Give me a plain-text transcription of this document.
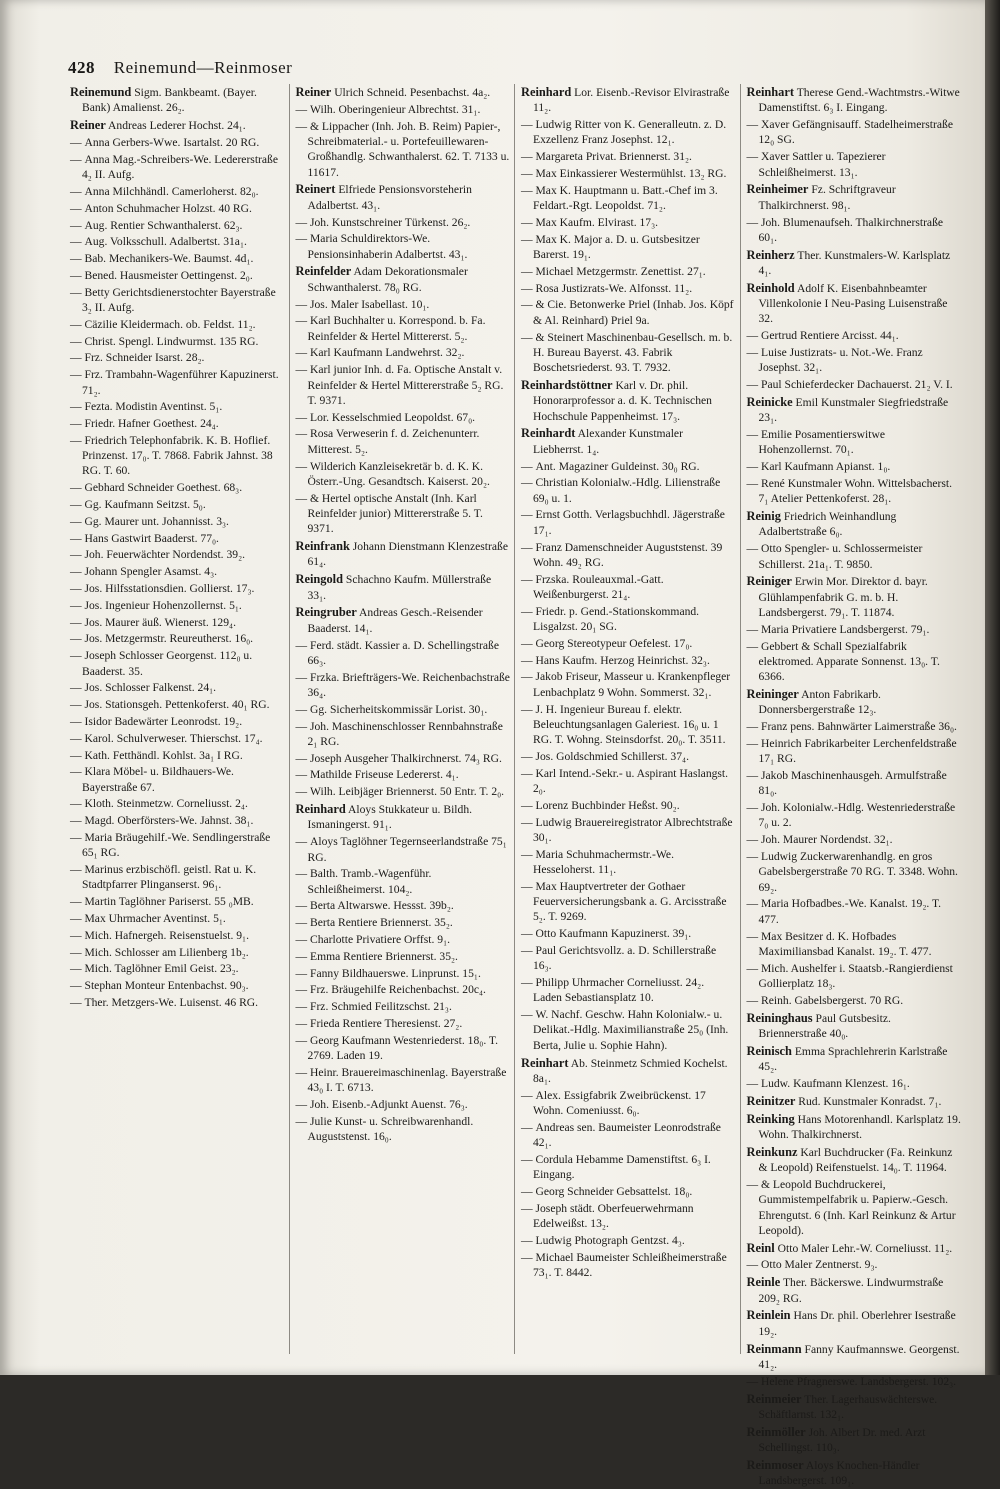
428 Reinemund—Reinmoser
Reinemund Sigm. Bankbeamt. (Bayer. Bank) Amalienst. 26₂.
Reiner Andreas Lederer Hochst. 24₁.
— Anna Gerbers-Wwe. Isartalst. 20 RG.
— Anna Mag.-Schreibers-We. Ledererstraße 4₂ II. Aufg.
— Anna Milchhändl. Camerloherst. 82₀.
— Anton Schuhmacher Holzst. 40 RG.
— Aug. Rentier Schwanthalerst. 62₃.
— Aug. Volksschull. Adalbertst. 31a₁.
— Bab. Mechanikers-We. Baumst. 4d₁.
— Bened. Hausmeister Oettingenst. 2₀.
— Betty Gerichtsdienerstochter Bayerstraße 3₂ II. Aufg.
— Cäzilie Kleidermach. ob. Feldst. 11₂.
— Christ. Spengl. Lindwurmst. 135 RG.
— Frz. Schneider Isarst. 28₂.
— Frz. Trambahn-Wagenführer Kapuzinerst. 71₂.
— Fezta. Modistin Aventinst. 5₁.
— Friedr. Hafner Goethest. 24₄.
— Friedrich Telephonfabrik. K. B. Hoflief. Prinzenst. 17₀. T. 7868. Fabrik Jahnst. 38 RG. T. 60.
— Gebhard Schneider Goethest. 68₃.
— Gg. Kaufmann Seitzst. 5₀.
— Gg. Maurer unt. Johannisst. 3₃.
— Hans Gastwirt Baaderst. 77₀.
— Joh. Feuerwächter Nordendst. 39₂.
— Johann Spengler Asamst. 4₃.
— Jos. Hilfsstationsdien. Gollierst. 17₃.
— Jos. Ingenieur Hohenzollernst. 5₁.
— Jos. Maurer äuß. Wienerst. 129₄.
— Jos. Metzgermstr. Reureutherst. 16₀.
— Joseph Schlosser Georgenst. 112₀ u. Baaderst. 35.
— Jos. Schlosser Falkenst. 24₁.
— Jos. Stationsgeh. Pettenkoferst. 40₁ RG.
— Isidor Badewärter Leonrodst. 19₂.
— Karol. Schulverweser. Thierschst. 17₄.
— Kath. Fetthändl. Kohlst. 3a₁ I RG.
— Klara Möbel- u. Bildhauers-We. Bayerstraße 67.
— Kloth. Steinmetzw. Corneliusst. 2₄.
— Magd. Oberförsters-We. Jahnst. 38₁.
— Maria Bräugehilf.-We. Sendlingerstraße 65₁ RG.
— Marinus erzbischöfl. geistl. Rat u. K. Stadtpfarrer Plinganserst. 96₁.
— Martin Taglöhner Pariserst. 55 ₀MB.
— Max Uhrmacher Aventinst. 5₁.
— Mich. Hafnergeh. Reisenstuelst. 9₁.
— Mich. Schlosser am Lilienberg 1b₂.
— Mich. Taglöhner Emil Geist. 23₂.
— Stephan Monteur Entenbachst. 90₃.
— Ther. Metzgers-We. Luisenst. 46 RG.
Reiner Ulrich Schneid. Pesenbachst. 4a₂.
— Wilh. Oberingenieur Albrechtst. 31₁.
— & Lippacher (Inh. Joh. B. Reim) Papier-, Schreibmaterial.- u. Portefeuillewaren-Großhandlg. Schwanthalerst. 62. T. 7133 u. 11617.
Reinert Elfriede Pensionsvorsteherin Adalbertst. 43₁.
— Joh. Kunstschreiner Türkenst. 26₂.
— Maria Schuldirektors-We. Pensionsinhaberin Adalbertst. 43₁.
Reinfelder Adam Dekorationsmaler Schwanthalerst. 78₀ RG.
— Jos. Maler Isabellast. 10₁.
— Karl Buchhalter u. Korrespond. b. Fa. Reinfelder & Hertel Mittererst. 5₂.
— Karl Kaufmann Landwehrst. 32₂.
— Karl junior Inh. d. Fa. Optische Anstalt v. Reinfelder & Hertel Mittererstraße 5₂ RG. T. 9371.
— Lor. Kesselschmied Leopoldst. 67₀.
— Rosa Verweserin f. d. Zeichenunterr. Mitterest. 5₂.
— Wilderich Kanzleisekretär b. d. K. K. Österr.-Ung. Gesandtsch. Kaiserst. 20₂.
— & Hertel optische Anstalt (Inh. Karl Reinfelder junior) Mittererstraße 5. T. 9371.
Reinfrank Johann Dienstmann Klenzestraße 61₄.
Reingold Schachno Kaufm. Müllerstraße 33₁.
Reingruber Andreas Gesch.-Reisender Baaderst. 14₁.
— Ferd. städt. Kassier a. D. Schellingstraße 66₃.
— Frzka. Briefträgers-We. Reichenbachstraße 36₄.
— Gg. Sicherheitskommissär Lorist. 30₁.
— Joh. Maschinenschlosser Rennbahnstraße 2₁ RG.
— Joseph Ausgeher Thalkirchnerst. 74₃ RG.
— Mathilde Friseuse Ledererst. 4₁.
— Wilh. Leibjäger Briennerst. 50 Entr. T. 2₀.
Reinhard Aloys Stukkateur u. Bildh. Ismaningerst. 91₁.
— Aloys Taglöhner Tegernseerlandstraße 75₁ RG.
— Balth. Tramb.-Wagenführ. Schleißheimerst. 104₂.
— Berta Altwarswe. Hessst. 39b₂.
— Berta Rentiere Briennerst. 35₂.
— Charlotte Privatiere Orffst. 9₁.
— Emma Rentiere Briennerst. 35₂.
— Fanny Bildhauerswe. Linprunst. 15₁.
— Frz. Bräugehilfe Reichenbachst. 20c₄.
— Frz. Schmied Feilitzschst. 21₃.
— Frieda Rentiere Theresienst. 27₂.
— Georg Kaufmann Westenriederst. 18₀. T. 2769. Laden 19.
— Heinr. Brauereimaschinenlag. Bayerstraße 43₀ I. T. 6713.
— Joh. Eisenb.-Adjunkt Auenst. 76₃.
— Julie Kunst- u. Schreibwarenhandl. Auguststenst. 16₀.
Reinhard Lor. Eisenb.-Revisor Elvirastraße 11₂.
— Ludwig Ritter von K. Generalleutn. z. D. Exzellenz Franz Josephst. 12₁.
— Margareta Privat. Briennerst. 31₂.
— Max Einkassierer Westermühlst. 13₂ RG.
— Max K. Hauptmann u. Batt.-Chef im 3. Feldart.-Rgt. Leopoldst. 71₂.
— Max Kaufm. Elvirast. 17₃.
— Max K. Major a. D. u. Gutsbesitzer Barerst. 19₁.
— Michael Metzgermstr. Zenettist. 27₁.
— Rosa Justizrats-We. Alfonsst. 11₂.
— & Cie. Betonwerke Priel (Inhab. Jos. Köpf & Al. Reinhard) Priel 9a.
— & Steinert Maschinenbau-Gesellsch. m. b. H. Bureau Bayerst. 43. Fabrik Boschetsriederst. 93. T. 7932.
Reinhardstöttner Karl v. Dr. phil. Honorarprofessor a. d. K. Technischen Hochschule Pappenheimst. 17₃.
Reinhardt Alexander Kunstmaler Liebherrst. 1₄.
— Ant. Magaziner Guldeinst. 30₀ RG.
— Christian Kolonialw.-Hdlg. Lilienstraße 69₀ u. 1.
— Ernst Gotth. Verlagsbuchhdl. Jägerstraße 17₁.
— Franz Damenschneider Auguststenst. 39 Wohn. 49₂ RG.
— Frzska. Rouleauxmal.-Gatt. Weißenburgerst. 21₄.
— Friedr. p. Gend.-Stationskommand. Lisgalzst. 20₁ SG.
— Georg Stereotypeur Oefelest. 17₀.
— Hans Kaufm. Herzog Heinrichst. 32₃.
— Jakob Friseur, Masseur u. Krankenpfleger Lenbachplatz 9 Wohn. Sommerst. 32₁.
— J. H. Ingenieur Bureau f. elektr. Beleuchtungsanlagen Galeriest. 16₀ u. 1 RG. T. Wohng. Steinsdorfst. 20₀. T. 3511.
— Jos. Goldschmied Schillerst. 37₄.
— Karl Intend.-Sekr.- u. Aspirant Haslangst. 2₀.
— Lorenz Buchbinder Heßst. 90₂.
— Ludwig Brauereiregistrator Albrechtstraße 30₁.
— Maria Schuhmachermstr.-We. Hesseloherst. 11₁.
— Max Hauptvertreter der Gothaer Feuerversicherungsbank a. G. Arcisstraße 5₂. T. 9269.
— Otto Kaufmann Kapuzinerst. 39₁.
— Paul Gerichtsvollz. a. D. Schillerstraße 16₃.
— Philipp Uhrmacher Corneliusst. 24₂. Laden Sebastiansplatz 10.
— W. Nachf. Geschw. Hahn Kolonialw.- u. Delikat.-Hdlg. Maximilianstraße 25₀ (Inh. Berta, Julie u. Sophie Hahn).
Reinhart Ab. Steinmetz Schmied Kochelst. 8a₁.
— Alex. Essigfabrik Zweibrückenst. 17 Wohn. Comeniusst. 6₀.
— Andreas sen. Baumeister Leonrodstraße 42₁.
— Cordula Hebamme Damenstiftst. 6₃ I. Eingang.
— Georg Schneider Gebsattelst. 18₀.
— Joseph städt. Oberfeuerwehrmann Edelweißst. 13₂.
— Ludwig Photograph Gentzst. 4₃.
— Michael Baumeister Schleißheimerstraße 73₁. T. 8442.
Reinhart Therese Gend.-Wachtmstrs.-Witwe Damenstiftst. 6₃ I. Eingang.
— Xaver Gefängnisauff. Stadelheimerstraße 12₀ SG.
— Xaver Sattler u. Tapezierer Schleißheimerst. 13₁.
Reinheimer Fz. Schriftgraveur Thalkirchnerst. 98₁.
— Joh. Blumenaufseh. Thalkirchnerstraße 60₁.
Reinherz Ther. Kunstmalers-W. Karlsplatz 4₁.
Reinhold Adolf K. Eisenbahnbeamter Villenkolonie I Neu-Pasing Luisenstraße 32.
— Gertrud Rentiere Arcisst. 44₁.
— Luise Justizrats- u. Not.-We. Franz Josephst. 32₁.
— Paul Schieferdecker Dachauerst. 21₂ V. I.
Reinicke Emil Kunstmaler Siegfriedstraße 23₁.
— Emilie Posamentierswitwe Hohenzollernst. 70₁.
— Karl Kaufmann Apianst. 1₀.
— René Kunstmaler Wohn. Wittelsbacherst. 7₁ Atelier Pettenkoferst. 28₁.
Reinig Friedrich Weinhandlung Adalbertstraße 6₀.
— Otto Spengler- u. Schlossermeister Schillerst. 21a₁. T. 9850.
Reiniger Erwin Mor. Direktor d. bayr. Glühlampenfabrik G. m. b. H. Landsbergerst. 79₁. T. 11874.
— Maria Privatiere Landsbergerst. 79₁.
— Gebbert & Schall Spezialfabrik elektromed. Apparate Sonnenst. 13₀. T. 6366.
Reininger Anton Fabrikarb. Donnersbergerstraße 12₃.
— Franz pens. Bahnwärter Laimerstraße 36₀.
— Heinrich Fabrikarbeiter Lerchenfeldstraße 17₁ RG.
— Jakob Maschinenhausgeh. Armulfstraße 81₀.
— Joh. Kolonialw.-Hdlg. Westenriederstraße 7₀ u. 2.
— Joh. Maurer Nordendst. 32₁.
— Ludwig Zuckerwarenhandlg. en gros Gabelsbergerstraße 70 RG. T. 3348. Wohn. 69₂.
— Maria Hofbadbes.-We. Kanalst. 19₂. T. 477.
— Max Besitzer d. K. Hofbades Maximiliansbad Kanalst. 19₂. T. 477.
— Mich. Aushelfer i. Staatsb.-Rangierdienst Gollierplatz 18₃.
— Reinh. Gabelsbergerst. 70 RG.
Reininghaus Paul Gutsbesitz. Briennerstraße 40₀.
Reinisch Emma Sprachlehrerin Karlstraße 45₂.
— Ludw. Kaufmann Klenzest. 16₁.
Reinitzer Rud. Kunstmaler Konradst. 7₁.
Reinking Hans Motorenhandl. Karlsplatz 19. Wohn. Thalkirchnerst.
Reinkunz Karl Buchdrucker (Fa. Reinkunz & Leopold) Reifenstuelst. 14₀. T. 11964.
— & Leopold Buchdruckerei, Gummistempelfabrik u. Papierw.-Gesch. Ehrengutst. 6 (Inh. Karl Reinkunz & Artur Leopold).
Reinl Otto Maler Lehr.-W. Corneliusst. 11₂.
— Otto Maler Zentnerst. 9₃.
Reinle Ther. Bäckerswe. Lindwurmstraße 209₂ RG.
Reinlein Hans Dr. phil. Oberlehrer Isestraße 19₂.
Reinmann Fanny Kaufmannswe. Georgenst. 41₂.
— Helene Pfragnerswe. Landsbergerst. 102₃.
Reinmeier Ther. Lagerhauswächterswe. Schäftlarnst. 132₁.
Reinmöller Joh. Albert Dr. med. Arzt Schellingst. 110₃.
Reinmoser Aloys Knochen-Händler Landsbergerst. 109₁.
